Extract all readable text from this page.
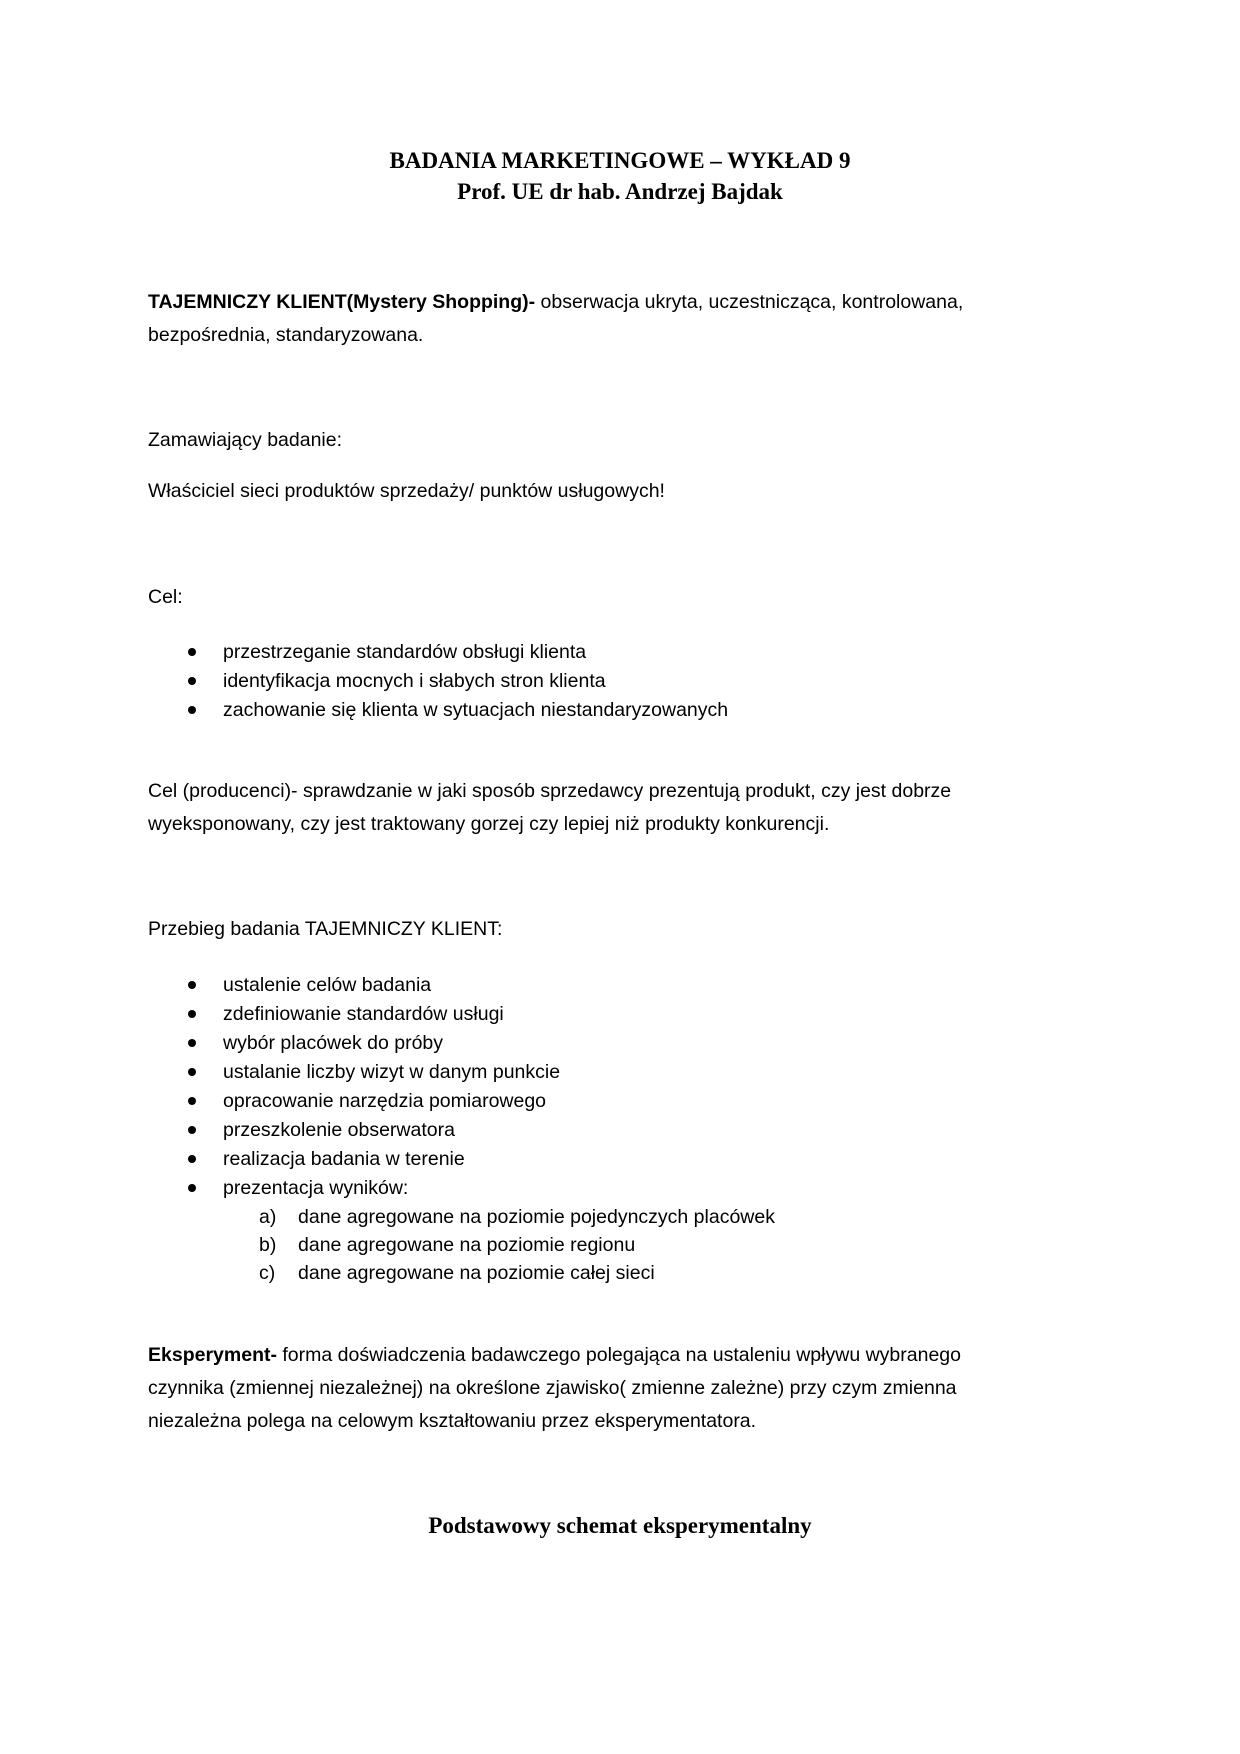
BADANIA MARKETINGOWE – WYKŁAD 9
Prof. UE dr hab. Andrzej Bajdak

TAJEMNICZY KLIENT(Mystery Shopping)- obserwacja ukryta, uczestnicząca, kontrolowana,
bezpośrednia, standaryzowana.

Zamawiający badanie:

Właściciel sieci produktów sprzedaży/ punktów usługowych!

Cel:

przestrzeganie standardów obsługi klienta
identyfikacja mocnych i słabych stron klienta
zachowanie się klienta w sytuacjach niestandaryzowanych

Cel (producenci)- sprawdzanie w jaki sposób sprzedawcy prezentują produkt, czy jest dobrze
wyeksponowany, czy jest traktowany gorzej czy lepiej niż produkty konkurencji.

Przebieg badania TAJEMNICZY KLIENT:

ustalenie celów badania
zdefiniowanie standardów usługi
wybór placówek do próby
ustalanie liczby wizyt w danym punkcie
opracowanie narzędzia pomiarowego
przeszkolenie obserwatora
realizacja badania w terenie
prezentacja wyników:
a) dane agregowane na poziomie pojedynczych placówek
b) dane agregowane na poziomie regionu
c) dane agregowane na poziomie całej sieci

Eksperyment- forma doświadczenia badawczego polegająca na ustaleniu wpływu wybranego
czynnika (zmiennej niezależnej) na określone zjawisko( zmienne zależne) przy czym zmienna
niezależna polega na celowym kształtowaniu przez eksperymentatora.

Podstawowy schemat eksperymentalny
